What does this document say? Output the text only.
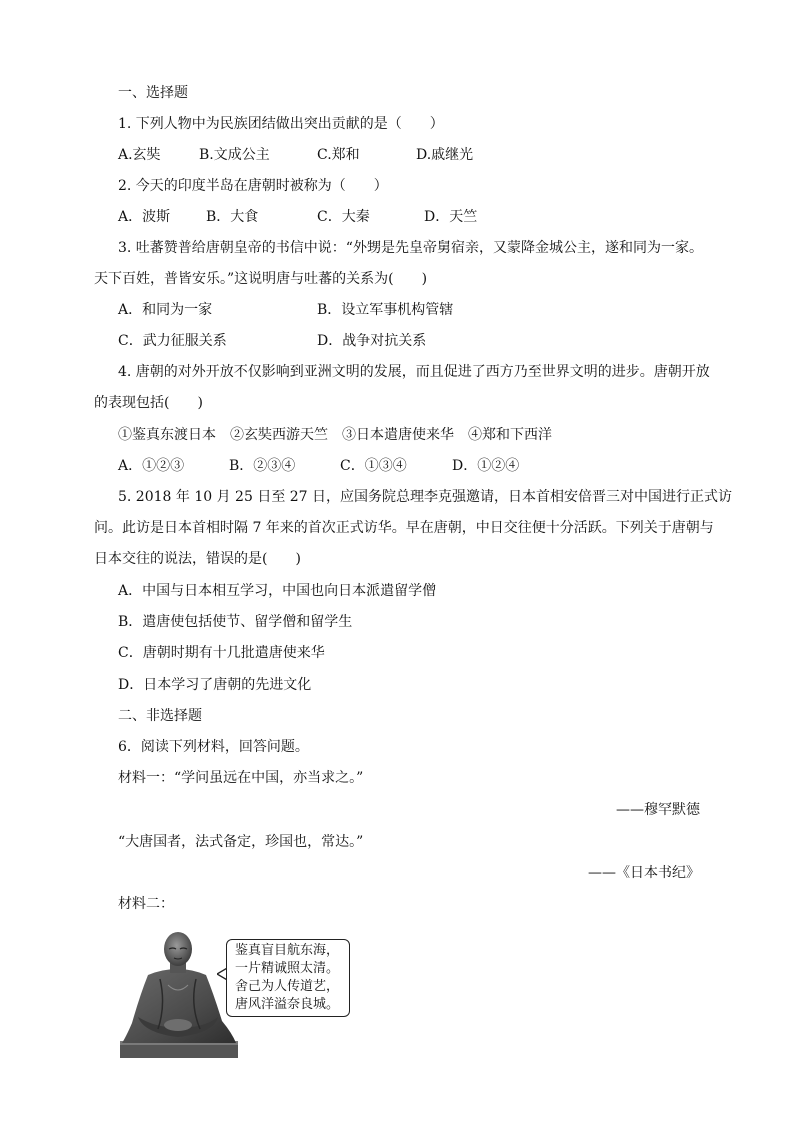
一、选择题
1. 下列人物中为民族团结做出突出贡献的是（　　）
A.玄奘	B.文成公主	C.郑和	D.戚继光
2. 今天的印度半岛在唐朝时被称为（　　）
A．波斯	B．大食	C．大秦	D．天竺
3. 吐蕃赞普给唐朝皇帝的书信中说：“外甥是先皇帝舅宿亲，又蒙降金城公主，遂和同为一家。
天下百姓，普皆安乐。”这说明唐与吐蕃的关系为(　　)
A．和同为一家	B．设立军事机构管辖
C．武力征服关系	D．战争对抗关系
4. 唐朝的对外开放不仅影响到亚洲文明的发展，而且促进了西方乃至世界文明的进步。唐朝开放
的表现包括(　　)
①鉴真东渡日本　②玄奘西游天竺　③日本遣唐使来华　④郑和下西洋
A．①②③	B．②③④	C．①③④	D．①②④
5. 2018 年 10 月 25 日至 27 日，应国务院总理李克强邀请，日本首相安倍晋三对中国进行正式访
问。此访是日本首相时隔 7 年来的首次正式访华。早在唐朝，中日交往便十分活跃。下列关于唐朝与
日本交往的说法，错误的是(　　)
A．中国与日本相互学习，中国也向日本派遣留学僧
B．遣唐使包括使节、留学僧和留学生
C．唐朝时期有十几批遣唐使来华
D．日本学习了唐朝的先进文化
二、非选择题
6．阅读下列材料，回答问题。
材料一：“学问虽远在中国，亦当求之。”
——穆罕默德
“大唐国者，法式备定，珍国也，常达。”
——《日本书纪》
材料二：
鉴真盲目航东海，
一片精诚照太清。
舍己为人传道艺，
唐风洋溢奈良城。
